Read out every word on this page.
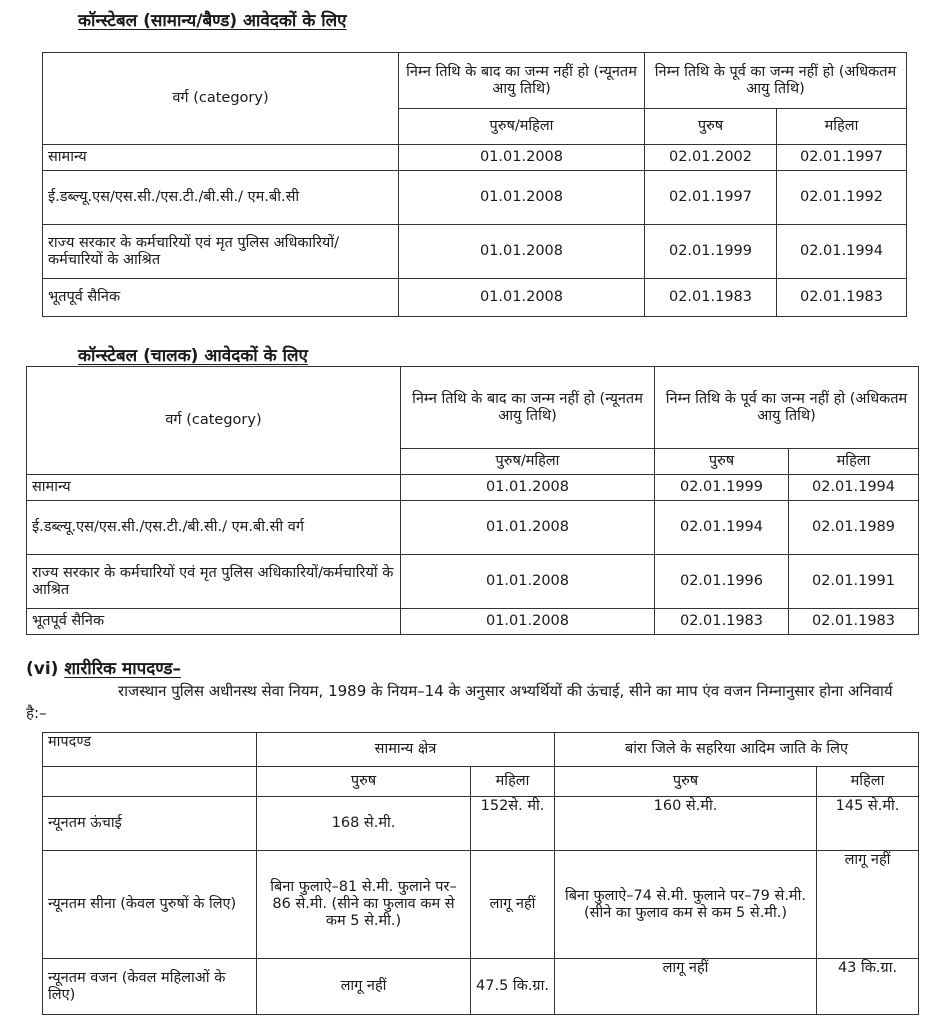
कॉन्स्टेबल (सामान्य/बैण्ड) आवेदकों के लिए
वर्ग (category)	निम्न तिथि के बाद का जन्म नहीं हो (न्यूनतम आयु तिथि)	निम्न तिथि के पूर्व का जन्म नहीं हो (अधिकतम आयु तिथि)	
	पुरुष/महिला	पुरुष	महिला
सामान्य	01.01.2008	02.01.2002	02.01.1997
ई.डब्ल्यू.एस/एस.सी./एस.टी./बी.सी./ एम.बी.सी	01.01.2008	02.01.1997	02.01.1992
राज्य सरकार के कर्मचारियों एवं मृत पुलिस अधिकारियों/कर्मचारियों के आश्रित	01.01.2008	02.01.1999	02.01.1994
भूतपूर्व सैनिक	01.01.2008	02.01.1983	02.01.1983
कॉन्स्टेबल (चालक) आवेदकों के लिए
वर्ग (category)	निम्न तिथि के बाद का जन्म नहीं हो (न्यूनतम आयु तिथि)	निम्न तिथि के पूर्व का जन्म नहीं हो (अधिकतम आयु तिथि)	
	पुरुष/महिला	पुरुष	महिला
सामान्य	01.01.2008	02.01.1999	02.01.1994
ई.डब्ल्यू.एस/एस.सी./एस.टी./बी.सी./ एम.बी.सी वर्ग	01.01.2008	02.01.1994	02.01.1989
राज्य सरकार के कर्मचारियों एवं मृत पुलिस अधिकारियों/कर्मचारियों के आश्रित	01.01.2008	02.01.1996	02.01.1991
भूतपूर्व सैनिक	01.01.2008	02.01.1983	02.01.1983
(vi) शारीरिक मापदण्ड–
राजस्थान पुलिस अधीनस्थ सेवा नियम, 1989 के नियम–14 के अनुसार अभ्यर्थियों की ऊंचाई, सीने का माप एंव वजन निम्नानुसार होना अनिवार्य है:–
मापदण्ड	सामान्य क्षेत्र		बांरा जिले के सहरिया आदिम जाति के लिए	
	पुरुष	महिला	पुरुष	महिला
न्यूनतम ऊंचाई	168 से.मी.	152से. मी.	160 से.मी.	145 से.मी.
न्यूनतम सीना (केवल पुरुषों के लिए)	बिना फुलाऐ–81 से.मी. फुलाने पर–86 से.मी. (सीने का फुलाव कम से कम 5 से.मी.)	लागू नहीं	बिना फुलाऐ–74 से.मी. फुलाने पर–79 से.मी. (सीने का फुलाव कम से कम 5 से.मी.)	लागू नहीं
न्यूनतम वजन (केवल महिलाओं के लिए)	लागू नहीं	47.5 कि.ग्रा.	लागू नहीं	43 कि.ग्रा.
